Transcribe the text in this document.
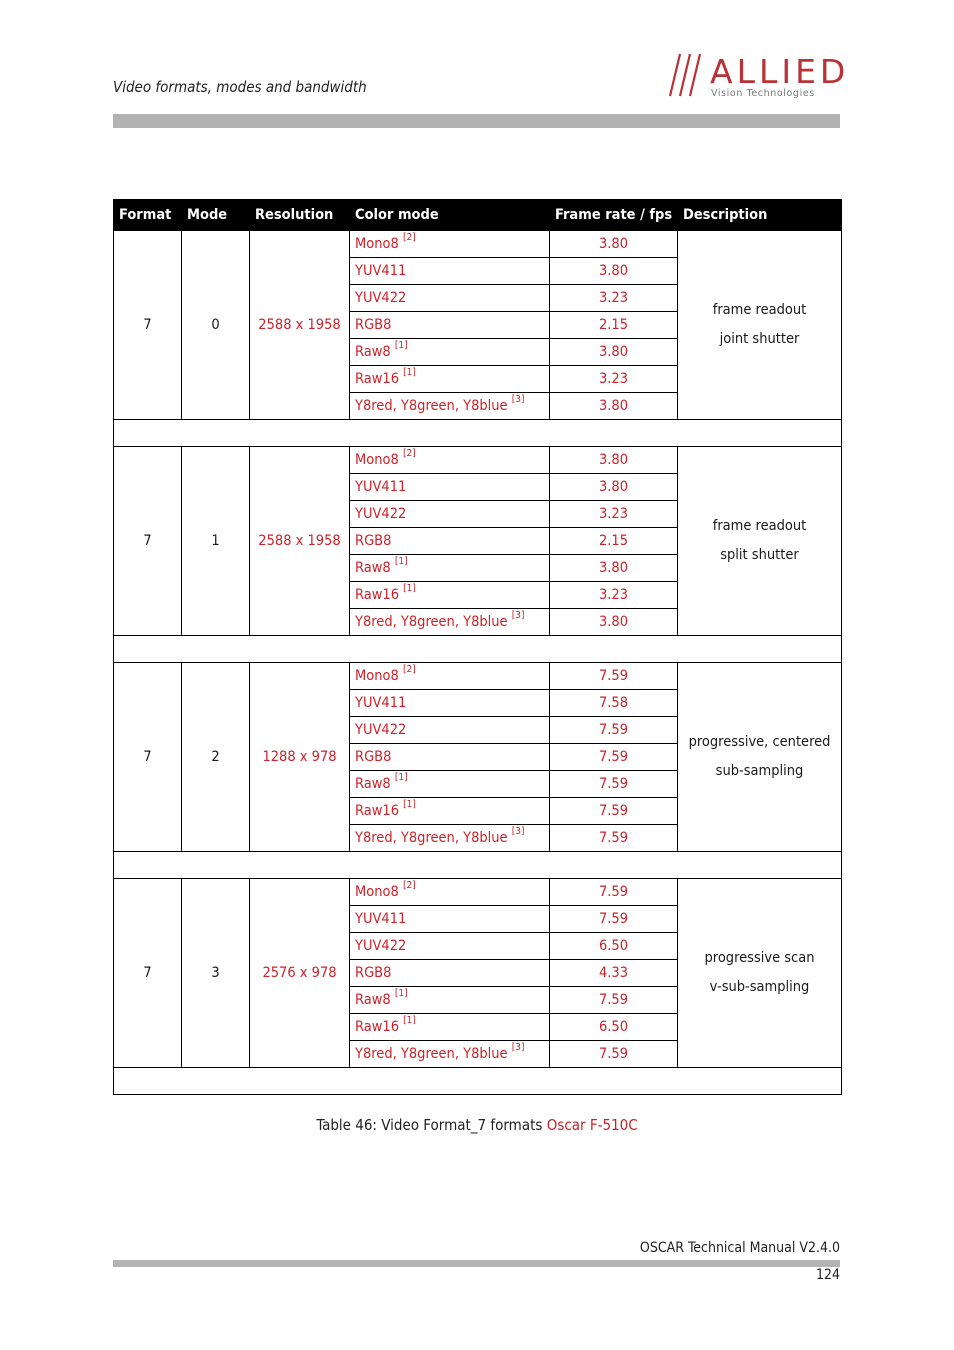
Video formats, modes and bandwidth	ALLIED
Vision Technologies
Format	Mode	Resolution	Color mode	Frame rate / fps	Description
7	0	2588 x 1958	Mono8 [2]	3.80	frame readout
joint shutter

			YUV411	3.80	
			YUV422	3.23	
			RGB8	2.15	
			Raw8 [1]	3.80	
			Raw16 [1]	3.23	
			Y8red, Y8green, Y8blue [3]	3.80	

7	1	2588 x 1958	Mono8 [2]	3.80	frame readout
split shutter

			YUV411	3.80	
			YUV422	3.23	
			RGB8	2.15	
			Raw8 [1]	3.80	
			Raw16 [1]	3.23	
			Y8red, Y8green, Y8blue [3]	3.80	

7	2	1288 x 978	Mono8 [2]	7.59	progressive, centered
sub-sampling

			YUV411	7.58	
			YUV422	7.59	
			RGB8	7.59	
			Raw8 [1]	7.59	
			Raw16 [1]	7.59	
			Y8red, Y8green, Y8blue [3]	7.59	

7	3	2576 x 978	Mono8 [2]	7.59	progressive scan
v-sub-sampling

			YUV411	7.59	
			YUV422	6.50	
			RGB8	4.33	
			Raw8 [1]	7.59	
			Raw16 [1]	6.50	
			Y8red, Y8green, Y8blue [3]	7.59	

Table 46: Video Format_7 formats Oscar F-510C
OSCAR Technical Manual V2.4.0
124
